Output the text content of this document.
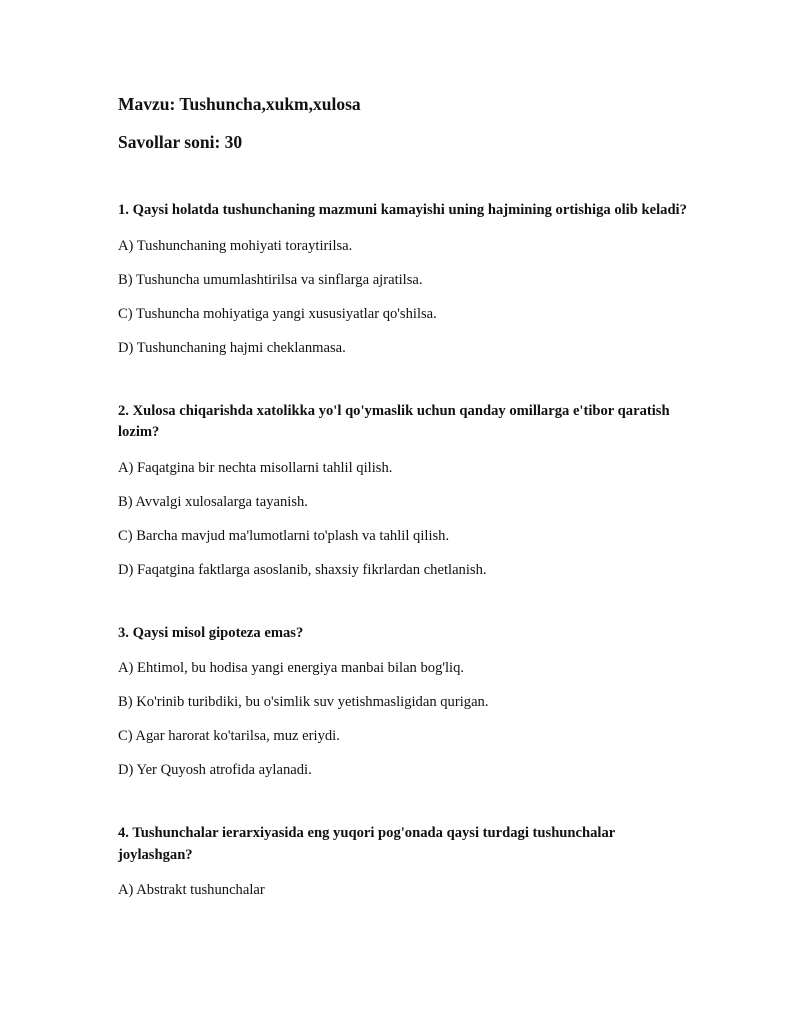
Mavzu: Tushuncha,xukm,xulosa
Savollar soni: 30
1. Qaysi holatda tushunchaning mazmuni kamayishi uning hajmining ortishiga olib keladi?
A) Tushunchaning mohiyati toraytirilsa.
B) Tushuncha umumlashtirilsa va sinflarga ajratilsa.
C) Tushuncha mohiyatiga yangi xususiyatlar qo'shilsa.
D) Tushunchaning hajmi cheklanmasa.
2. Xulosa chiqarishda xatolikka yo'l qo'ymaslik uchun qanday omillarga e'tibor qaratish lozim?
A) Faqatgina bir nechta misollarni tahlil qilish.
B) Avvalgi xulosalarga tayanish.
C) Barcha mavjud ma'lumotlarni to'plash va tahlil qilish.
D) Faqatgina faktlarga asoslanib, shaxsiy fikrlardan chetlanish.
3. Qaysi misol gipoteza emas?
A) Ehtimol, bu hodisa yangi energiya manbai bilan bog'liq.
B) Ko'rinib turibdiki, bu o'simlik suv yetishmasligidan qurigan.
C) Agar harorat ko'tarilsa, muz eriydi.
D) Yer Quyosh atrofida aylanadi.
4. Tushunchalar ierarxiyasida eng yuqori pog'onada qaysi turdagi tushunchalar joylashgan?
A) Abstrakt tushunchalar
